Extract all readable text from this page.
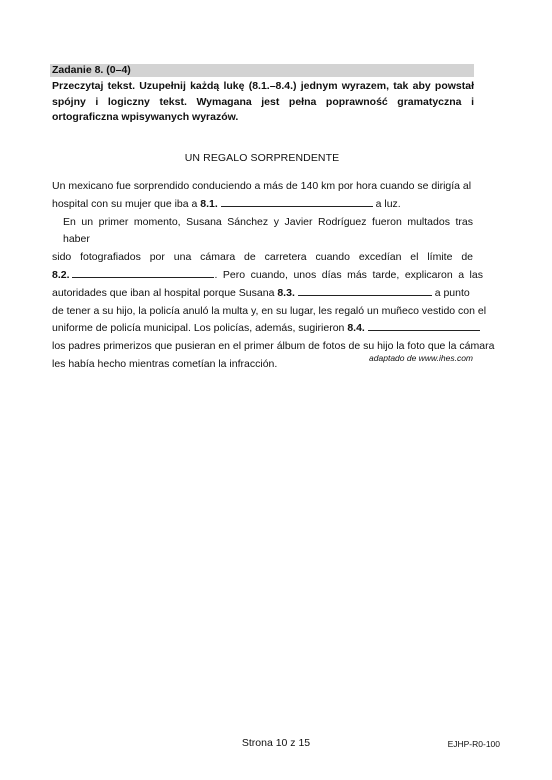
Zadanie 8. (0–4)
Przeczytaj tekst. Uzupełnij każdą lukę (8.1.–8.4.) jednym wyrazem, tak aby powstał spójny i logiczny tekst. Wymagana jest pełna poprawność gramatyczna i ortograficzna wpisywanych wyrazów.
UN REGALO SORPRENDENTE
Un mexicano fue sorprendido conduciendo a más de 140 km por hora cuando se dirigía al
hospital con su mujer que iba a 8.1.	a luz.
En un primer momento, Susana Sánchez y Javier Rodríguez fueron multados tras haber
sido fotografiados por una cámara de carretera cuando excedían el límite de
8.2.	. Pero cuando, unos días más tarde, explicaron a las
autoridades que iban al hospital porque Susana 8.3.	a punto
de tener a su hijo, la policía anuló la multa y, en su lugar, les regaló un muñeco vestido con el
uniforme de policía municipal. Los policías, además, sugirieron 8.4.
los padres primerizos que pusieran en el primer álbum de fotos de su hijo la foto que la cámara
les había hecho mientras cometían la infracción.	adaptado de www.ihes.com
Strona 10 z 15	EJHP-R0-100
